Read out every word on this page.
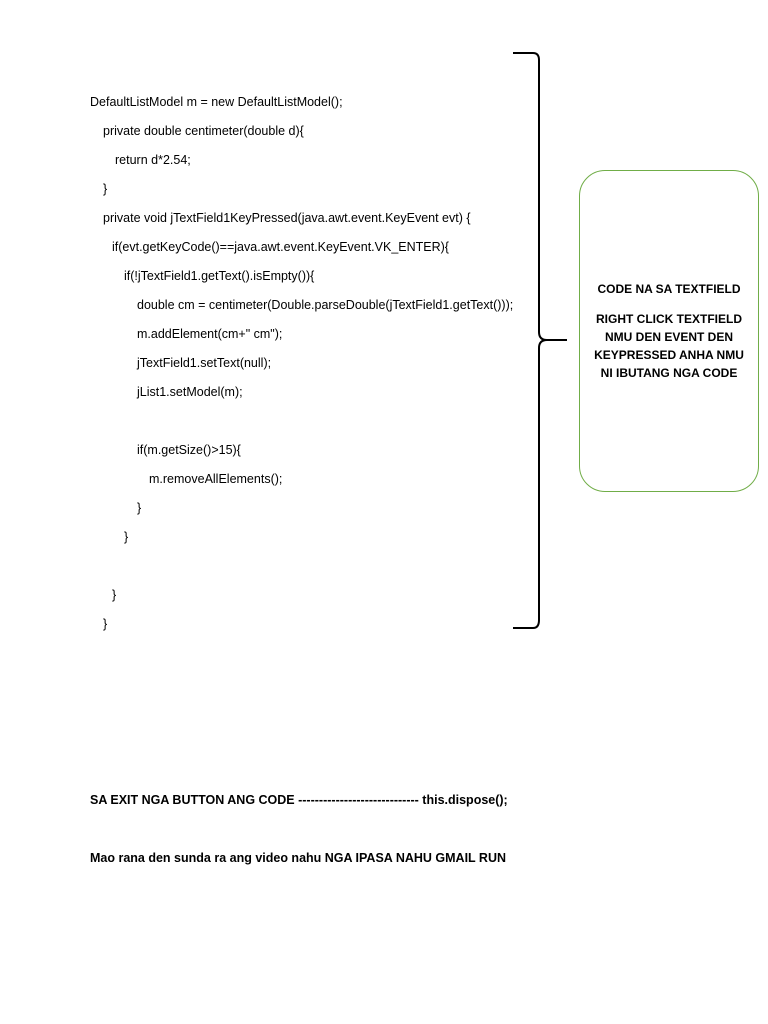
DefaultListModel m = new DefaultListModel();
private double centimeter(double d){
return d*2.54;
}
private void jTextField1KeyPressed(java.awt.event.KeyEvent evt) {
if(evt.getKeyCode()==java.awt.event.KeyEvent.VK_ENTER){
if(!jTextField1.getText().isEmpty()){
double cm = centimeter(Double.parseDouble(jTextField1.getText()));
m.addElement(cm+" cm");
jTextField1.setText(null);
jList1.setModel(m);
if(m.getSize()>15){
m.removeAllElements();
}
}
}
}
CODE NA SA TEXTFIELD
RIGHT CLICK TEXTFIELD NMU DEN EVENT DEN KEYPRESSED ANHA NMU NI IBUTANG NGA CODE
SA EXIT NGA BUTTON ANG CODE ----------------------------- this.dispose();
Mao rana den sunda ra ang video nahu NGA IPASA NAHU GMAIL RUN
